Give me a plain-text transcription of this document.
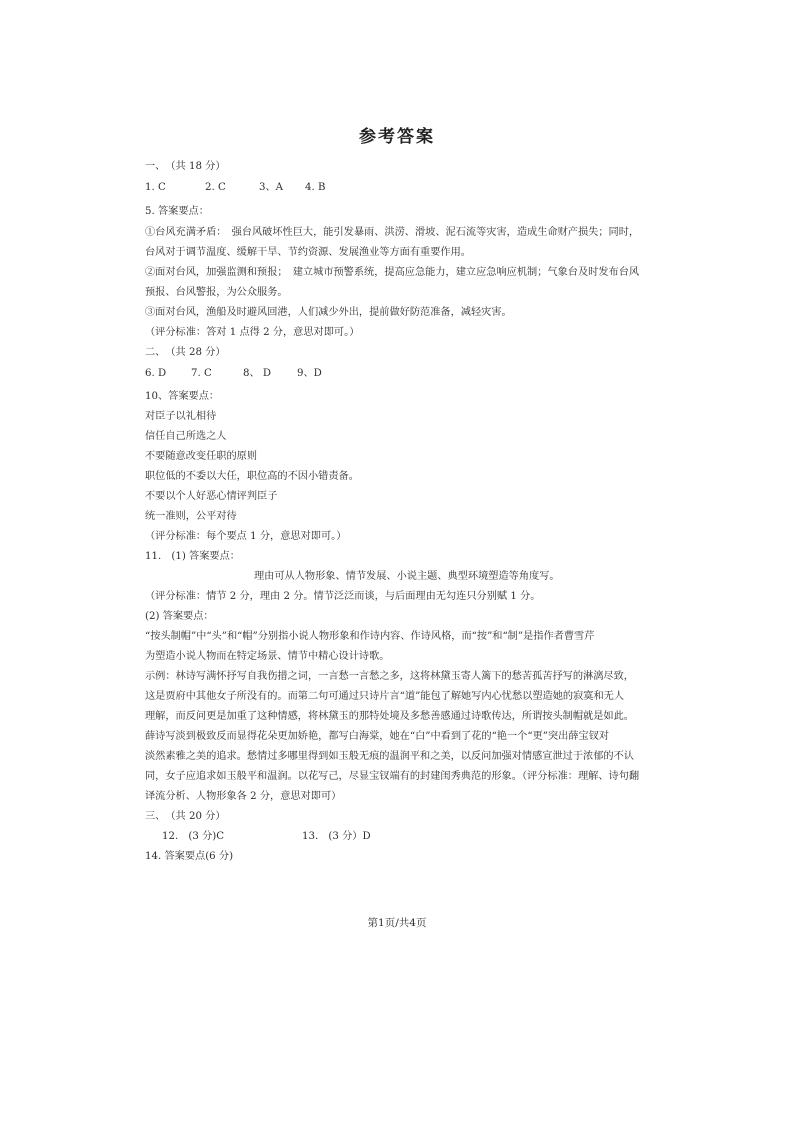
参考答案
一、　（共 18 分）
1. C	2. C	3、A 4. B
5. 答案要点：
①台风充满矛盾：　强台风破坏性巨大，能引发暴雨、洪涝、滑坡、泥石流等灾害，造成生命财产损失；同时，
台风对于调节温度、缓解干旱、节约资源、发展渔业等方面有重要作用。
②面对台风，加强监测和预报；　建立城市预警系统，提高应急能力，建立应急响应机制；气象台及时发布台风
预报、台风警报，为公众服务。
③面对台风，渔船及时避风回港，人们减少外出，提前做好防范准备，减轻灾害。
（评分标准：答对 1 点得 2 分，意思对即可。）
二、　（共 28 分）
6. D 7. C	8、 D	9、D
10、答案要点：
对臣子以礼相待
信任自己所选之人
不要随意改变任职的原则
职位低的不委以大任，职位高的不因小错责备。
不要以个人好恶心情评判臣子
统一准则，公平对待
（评分标准：每个要点 1 分，意思对即可。）
11.　(1) 答案要点：
理由可从人物形象、情节发展、小说主题、典型环境塑造等角度写。
（评分标准：情节 2 分，理由 2 分。情节泛泛而谈，与后面理由无勾连只分别赋 1 分。
(2) 答案要点：
“按头制帽”中“头”和“帽”分别指小说人物形象和作诗内容、作诗风格，而“按”和“制”是指作者曹雪芹
为塑造小说人物而在特定场景、情节中精心设计诗歌。
示例：林诗写满怀抒写自我伤措之词，一言愁一言愁之多，这将林黛玉寄人篱下的愁苦孤苦抒写的淋漓尽致，
这是贾府中其他女子所没有的。而第二句可通过只诗片言“道”能包了解她写内心忧愁以塑造她的寂寞和无人
理解，而反问更是加重了这种情感，将林黛玉的那特处境及多愁善感通过诗歌传达，所谓按头制帽就是如此。
薛诗写淡到极致反而显得花朵更加娇艳，都写白海棠，她在“白”中看到了花的“艳一个“更”突出薛宝钗对
淡然素雅之美的追求。愁情过多哪里得到如玉般无痕的温润平和之美，以反问加强对情感宣泄过于浓郁的不认
同，女子应追求如玉般平和温润。以花写己，尽显宝钗端有的封建闺秀典范的形象。（评分标准：理解、诗句翻
译流分析、人物形象各 2 分，意思对即可）
三、　（共 20 分）
12.　(3 分)C	13.　(3 分）D
14. 答案要点(6 分)
第1页/共4页
